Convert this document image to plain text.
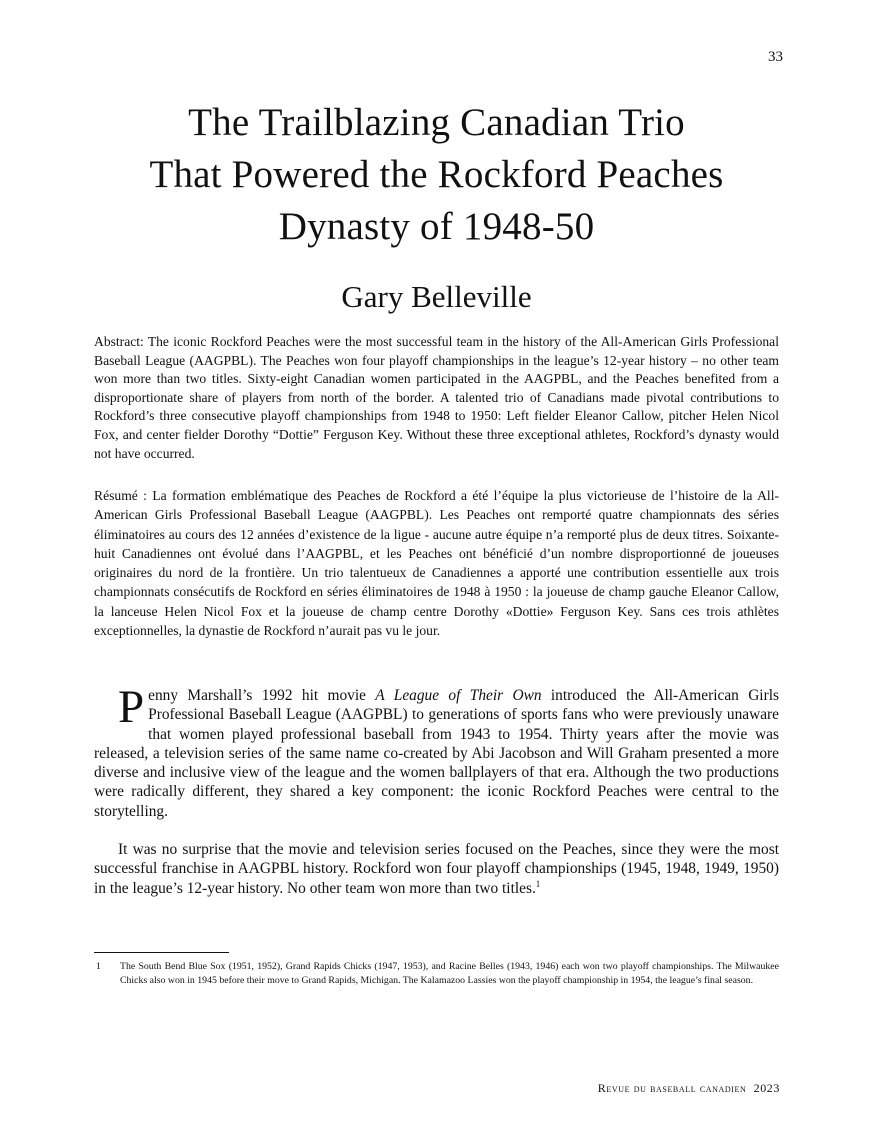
33
The Trailblazing Canadian Trio
That Powered the Rockford Peaches
Dynasty of 1948-50
Gary Belleville

Abstract: The iconic Rockford Peaches were the most successful team in the history of the All-American Girls Professional Baseball League (AAGPBL). The Peaches won four playoff championships in the league’s 12-year history – no other team won more than two titles. Sixty-eight Canadian women participated in the AAGPBL, and the Peaches benefited from a disproportionate share of players from north of the border. A talented trio of Canadians made pivotal contributions to Rockford’s three consecutive playoff championships from 1948 to 1950: Left fielder Eleanor Callow, pitcher Helen Nicol Fox, and center fielder Dorothy “Dottie” Ferguson Key. Without these three exceptional athletes, Rockford’s dynasty would not have occurred.

Résumé : La formation emblématique des Peaches de Rockford a été l’équipe la plus victorieuse de l’histoire de la All-American Girls Professional Baseball League (AAGPBL). Les Peaches ont remporté quatre championnats des séries éliminatoires au cours des 12 années d’existence de la ligue - aucune autre équipe n’a remporté plus de deux titres. Soixante-huit Canadiennes ont évolué dans l’AAGPBL, et les Peaches ont bénéficié d’un nombre disproportionné de joueuses originaires du nord de la frontière. Un trio talentueux de Canadiennes a apporté une contribution essentielle aux trois championnats consécutifs de Rockford en séries éliminatoires de 1948 à 1950 : la joueuse de champ gauche Eleanor Callow, la lanceuse Helen Nicol Fox et la joueuse de champ centre Dorothy «Dottie» Ferguson Key. Sans ces trois athlètes exceptionnelles, la dynastie de Rockford n’aurait pas vu le jour.

Penny Marshall’s 1992 hit movie A League of Their Own introduced the All-American Girls Professional Baseball League (AAGPBL) to generations of sports fans who were previously unaware that women played professional baseball from 1943 to 1954. Thirty years after the movie was released, a television series of the same name co-created by Abi Jacobson and Will Graham presented a more diverse and inclusive view of the league and the women ballplayers of that era. Although the two productions were radically different, they shared a key component: the iconic Rockford Peaches were central to the storytelling.

It was no surprise that the movie and television series focused on the Peaches, since they were the most successful franchise in AAGPBL history. Rockford won four playoff championships (1945, 1948, 1949, 1950) in the league’s 12-year history. No other team won more than two titles.$^1$

1 The South Bend Blue Sox (1951, 1952), Grand Rapids Chicks (1947, 1953), and Racine Belles (1943, 1946) each won two playoff championships. The Milwaukee Chicks also won in 1945 before their move to Grand Rapids, Michigan. The Kalamazoo Lassies won the playoff championship in 1954, the league’s final season.

Revue du baseball canadien  2023
